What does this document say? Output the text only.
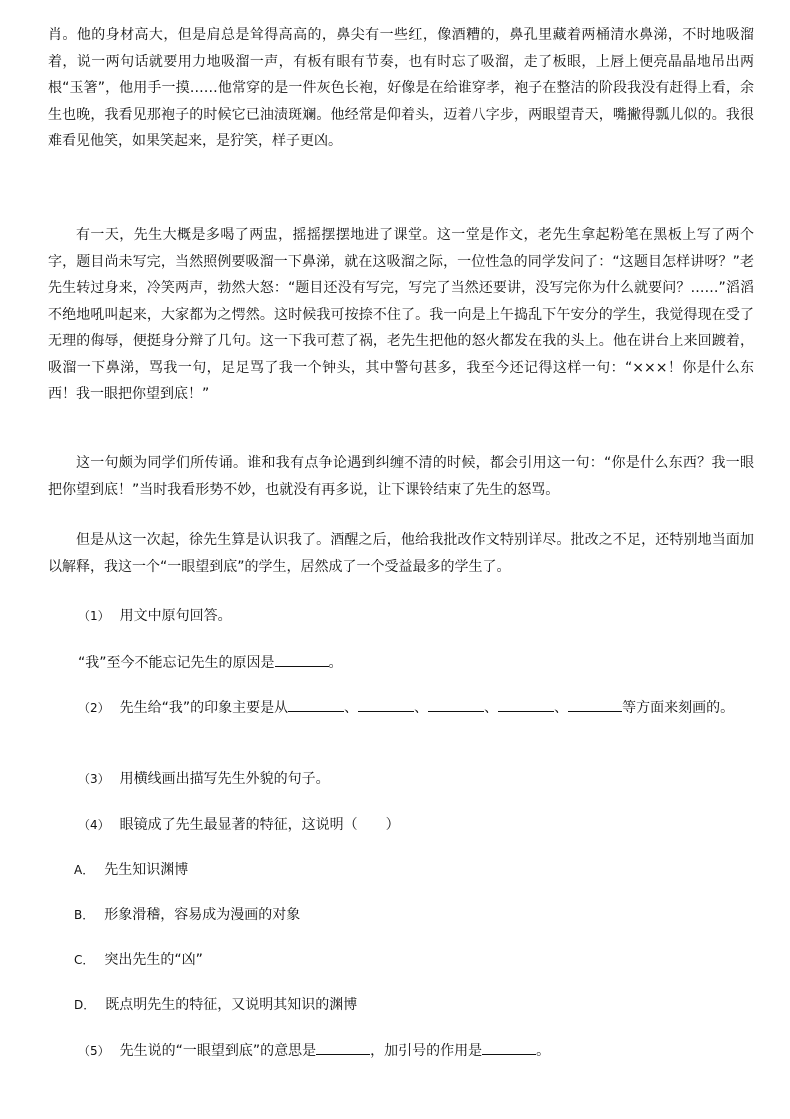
肖。他的身材高大，但是肩总是耸得高高的，鼻尖有一些红，像酒糟的，鼻孔里藏着两桶清水鼻涕，不时地吸溜着，说一两句话就要用力地吸溜一声，有板有眼有节奏，也有时忘了吸溜，走了板眼，上唇上便亮晶晶地吊出两根“玉箸”，他用手一摸……他常穿的是一件灰色长袍，好像是在给谁穿孝，袍子在整洁的阶段我没有赶得上看，余生也晚，我看见那袍子的时候它已油渍斑斓。他经常是仰着头，迈着八字步，两眼望青天，嘴撇得瓢儿似的。我很难看见他笑，如果笑起来，是狞笑，样子更凶。

有一天，先生大概是多喝了两盅，摇摇摆摆地进了课堂。这一堂是作文，老先生拿起粉笔在黑板上写了两个字，题目尚未写完，当然照例要吸溜一下鼻涕，就在这吸溜之际，一位性急的同学发问了：“这题目怎样讲呀？”老先生转过身来，冷笑两声，勃然大怒：“题目还没有写完，写完了当然还要讲，没写完你为什么就要问？……”滔滔不绝地吼叫起来，大家都为之愕然。这时候我可按捺不住了。我一向是上午捣乱下午安分的学生，我觉得现在受了无理的侮辱，便挺身分辩了几句。这一下我可惹了祸，老先生把他的怒火都发在我的头上。他在讲台上来回踱着，吸溜一下鼻涕，骂我一句，足足骂了我一个钟头，其中警句甚多，我至今还记得这样一句：“×××！你是什么东西！我一眼把你望到底！”

这一句颇为同学们所传诵。谁和我有点争论遇到纠缠不清的时候，都会引用这一句：“你是什么东西？我一眼把你望到底！”当时我看形势不妙，也就没有再多说，让下课铃结束了先生的怒骂。

但是从这一次起，徐先生算是认识我了。酒醒之后，他给我批改作文特别详尽。批改之不足，还特别地当面加以解释，我这一个“一眼望到底”的学生，居然成了一个受益最多的学生了。

（1） 用文中原句回答。
“我”至今不能忘记先生的原因是	。
（2） 先生给“我”的印象主要是从	、	、	、	、	等方面来刻画的。
（3） 用横线画出描写先生外貌的句子。
（4） 眼镜成了先生最显著的特征，这说明（　　）
A． 先生知识渊博
B． 形象滑稽，容易成为漫画的对象
C． 突出先生的“凶”
D． 既点明先生的特征，又说明其知识的渊博
（5） 先生说的“一眼望到底”的意思是	，加引号的作用是	。
